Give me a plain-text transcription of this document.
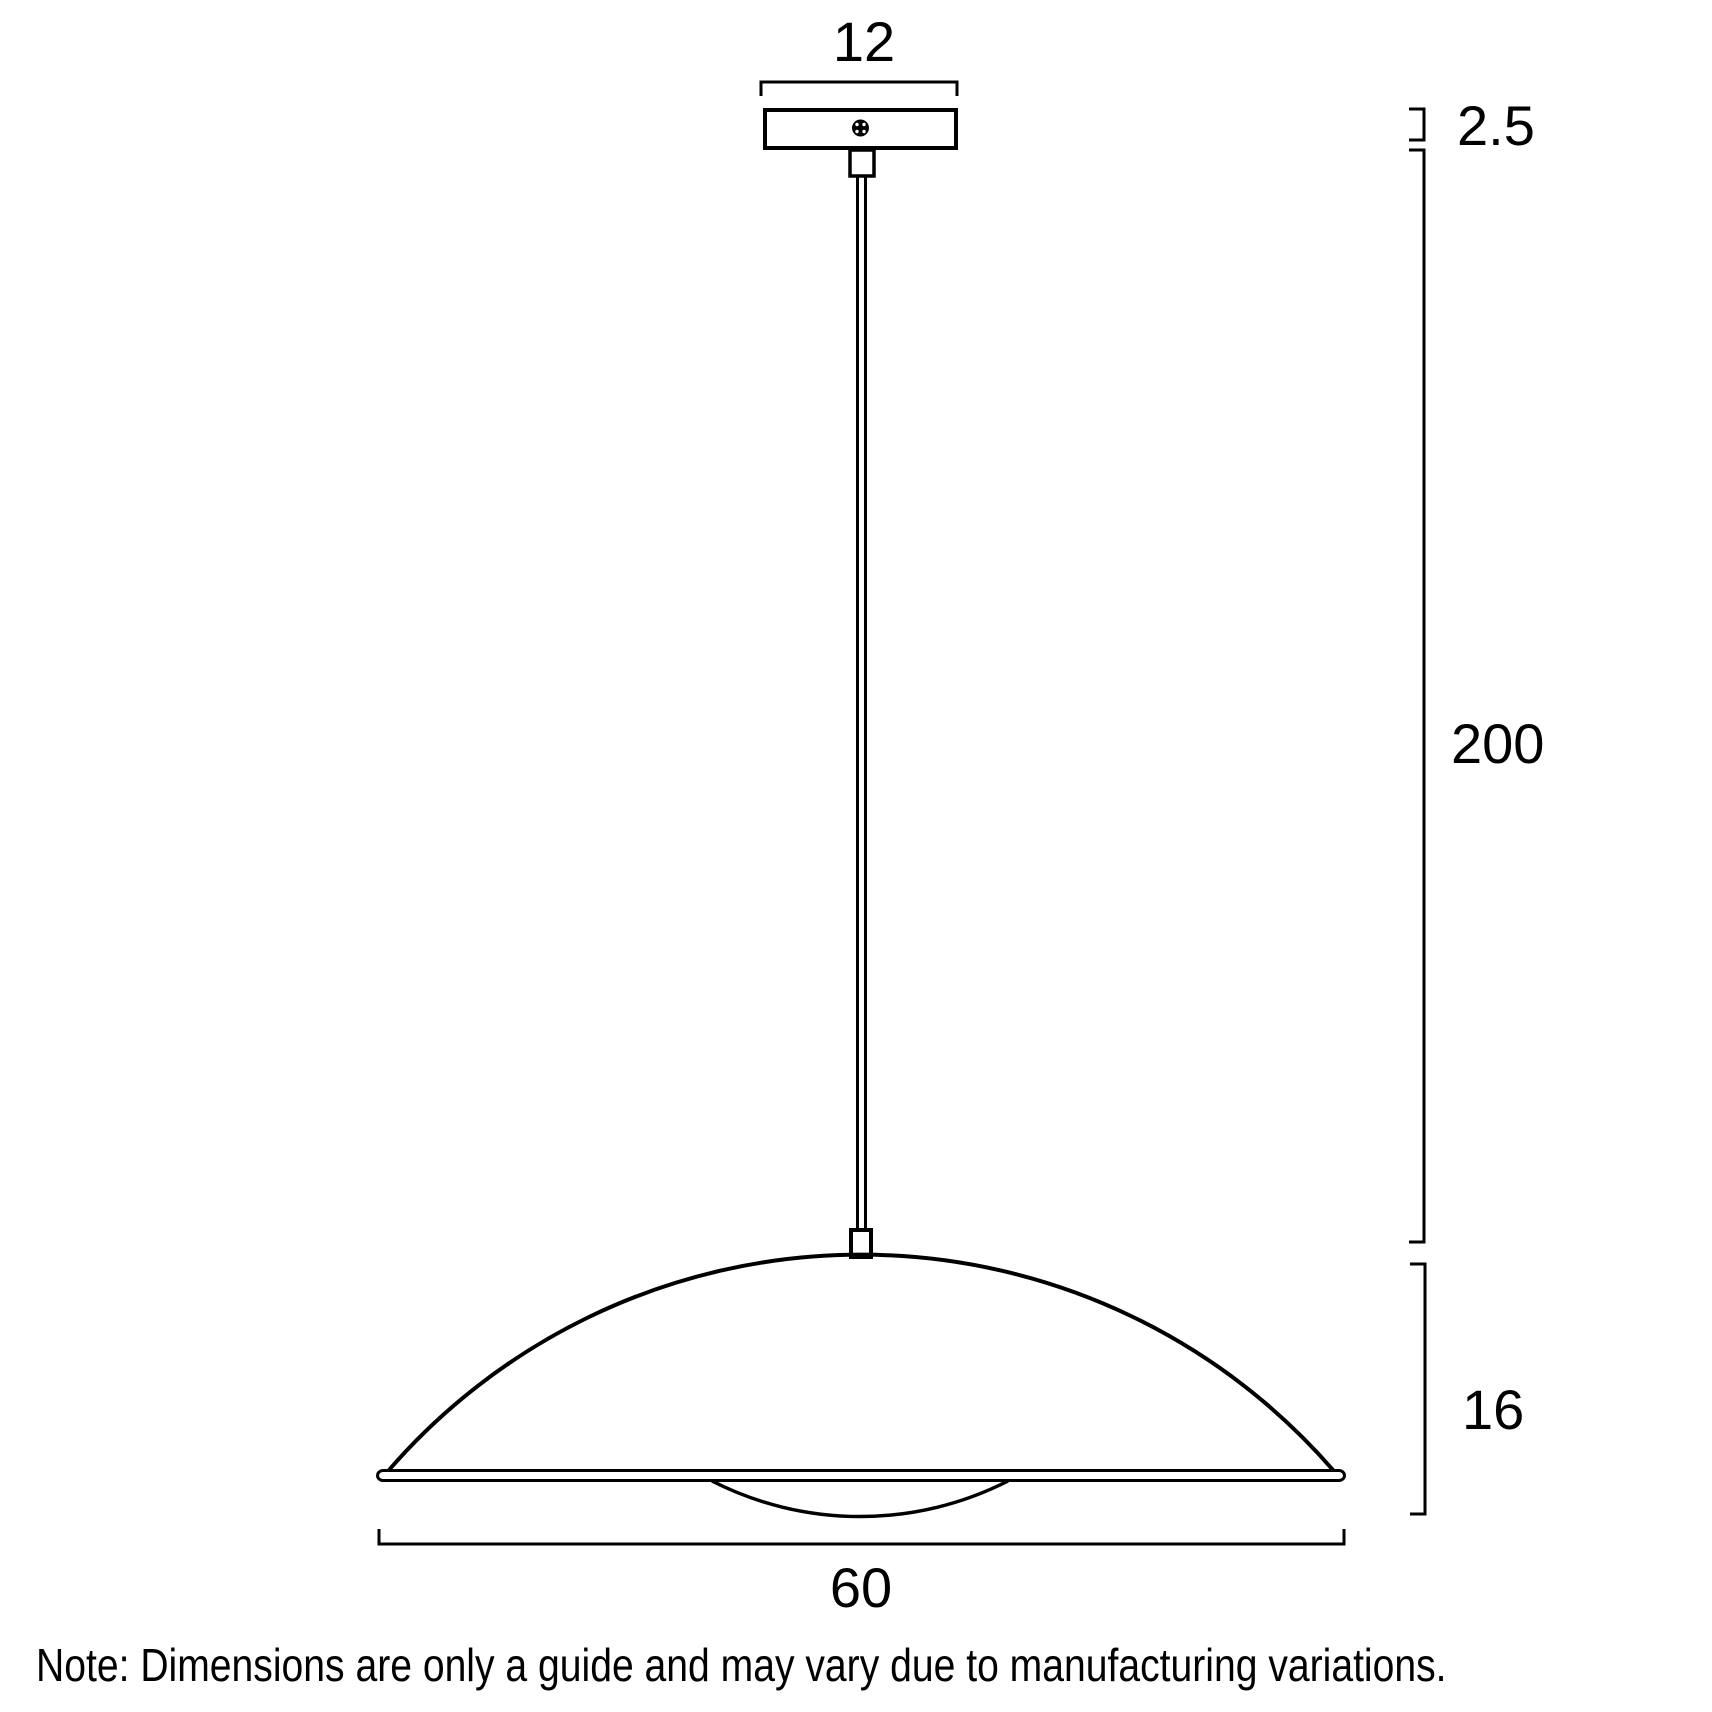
12
2.5
200
16
60
Note: Dimensions are only a guide and may vary due to manufacturing variations.
